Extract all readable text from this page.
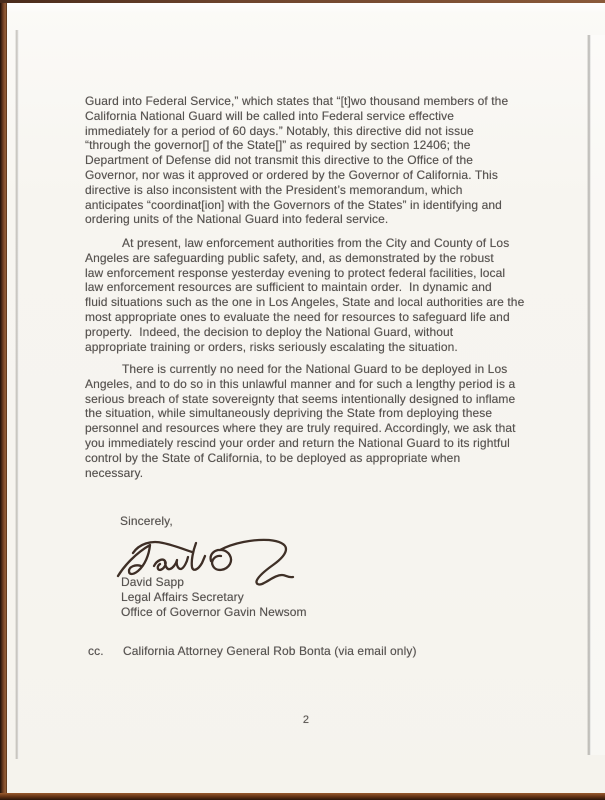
Guard into Federal Service,” which states that “[t]wo thousand members of the
California National Guard will be called into Federal service effective
immediately for a period of 60 days.” Notably, this directive did not issue
“through the governor[] of the State[]” as required by section 12406; the
Department of Defense did not transmit this directive to the Office of the
Governor, nor was it approved or ordered by the Governor of California. This
directive is also inconsistent with the President’s memorandum, which
anticipates “coordinat[ion] with the Governors of the States” in identifying and
ordering units of the National Guard into federal service.
At present, law enforcement authorities from the City and County of Los
Angeles are safeguarding public safety, and, as demonstrated by the robust
law enforcement response yesterday evening to protect federal facilities, local
law enforcement resources are sufficient to maintain order.  In dynamic and
fluid situations such as the one in Los Angeles, State and local authorities are the
most appropriate ones to evaluate the need for resources to safeguard life and
property.  Indeed, the decision to deploy the National Guard, without
appropriate training or orders, risks seriously escalating the situation.
There is currently no need for the National Guard to be deployed in Los
Angeles, and to do so in this unlawful manner and for such a lengthy period is a
serious breach of state sovereignty that seems intentionally designed to inflame
the situation, while simultaneously depriving the State from deploying these
personnel and resources where they are truly required. Accordingly, we ask that
you immediately rescind your order and return the National Guard to its rightful
control by the State of California, to be deployed as appropriate when
necessary.
Sincerely,
David Sapp
Legal Affairs Secretary
Office of Governor Gavin Newsom
cc.	California Attorney General Rob Bonta (via email only)
2
